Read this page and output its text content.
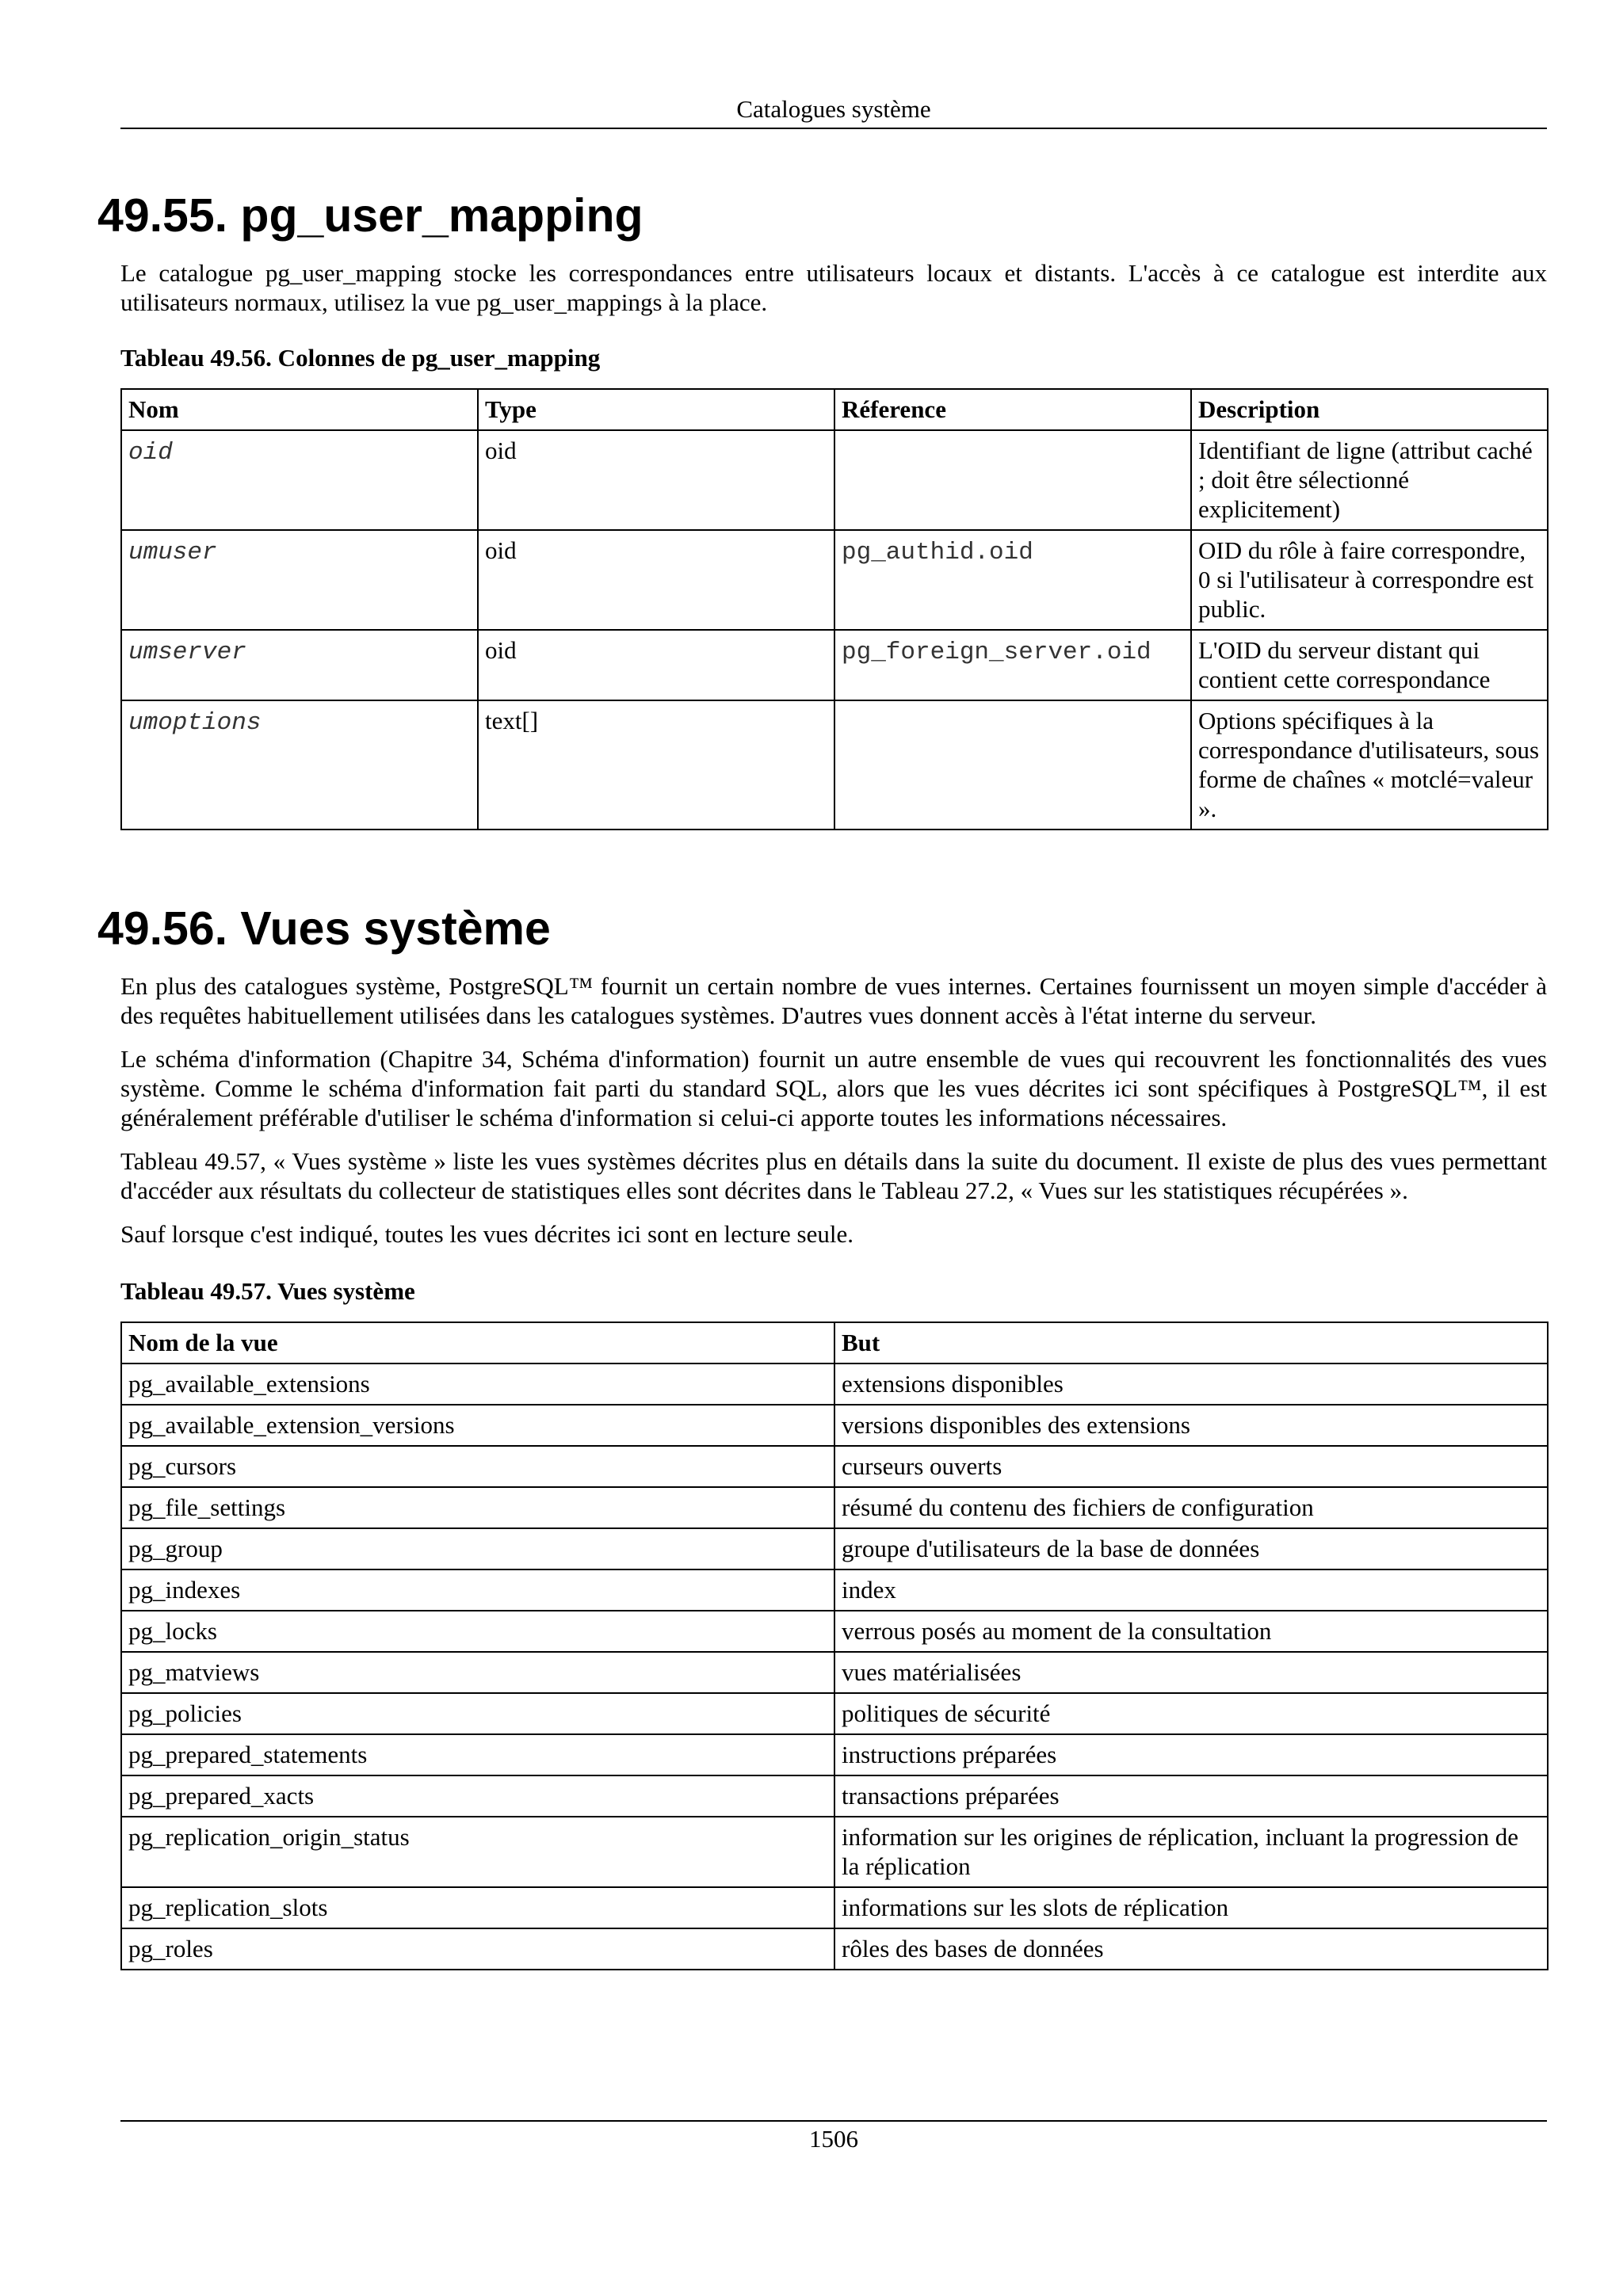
Catalogues système
49.55. pg_user_mapping

Le catalogue pg_user_mapping stocke les correspondances entre utilisateurs locaux et distants. L'accès à ce catalogue est interdite aux utilisateurs normaux, utilisez la vue pg_user_mappings à la place.

Tableau 49.56. Colonnes de pg_user_mapping

Nom	Type	Réference	Description
oid	oid		Identifiant de ligne (attribut caché ; doit être sélectionné explicitement)
umuser	oid	pg_authid.oid	OID du rôle à faire correspondre, 0 si l'utilisateur à correspondre est public.
umserver	oid	pg_foreign_server.oid	L'OID du serveur distant qui contient cette correspondance
umoptions	text[]		Options spécifiques à la correspondance d'utilisateurs, sous forme de chaînes « motclé=valeur ».
49.56. Vues système

En plus des catalogues système, PostgreSQL™ fournit un certain nombre de vues internes. Certaines fournissent un moyen simple d'accéder à des requêtes habituellement utilisées dans les catalogues systèmes. D'autres vues donnent accès à l'état interne du serveur.

Le schéma d'information (Chapitre 34, Schéma d'information) fournit un autre ensemble de vues qui recouvrent les fonctionnalités des vues système. Comme le schéma d'information fait parti du standard SQL, alors que les vues décrites ici sont spécifiques à PostgreSQL™, il est généralement préférable d'utiliser le schéma d'information si celui-ci apporte toutes les informations nécessaires.

Tableau 49.57, « Vues système » liste les vues systèmes décrites plus en détails dans la suite du document. Il existe de plus des vues permettant d'accéder aux résultats du collecteur de statistiques elles sont décrites dans le Tableau 27.2, « Vues sur les statistiques récupérées ».

Sauf lorsque c'est indiqué, toutes les vues décrites ici sont en lecture seule.

Tableau 49.57. Vues système

Nom de la vue	But
pg_available_extensions	extensions disponibles
pg_available_extension_versions	versions disponibles des extensions
pg_cursors	curseurs ouverts
pg_file_settings	résumé du contenu des fichiers de configuration
pg_group	groupe d'utilisateurs de la base de données
pg_indexes	index
pg_locks	verrous posés au moment de la consultation
pg_matviews	vues matérialisées
pg_policies	politiques de sécurité
pg_prepared_statements	instructions préparées
pg_prepared_xacts	transactions préparées
pg_replication_origin_status	information sur les origines de réplication, incluant la progression de la réplication
pg_replication_slots	informations sur les slots de réplication
pg_roles	rôles des bases de données
1506
